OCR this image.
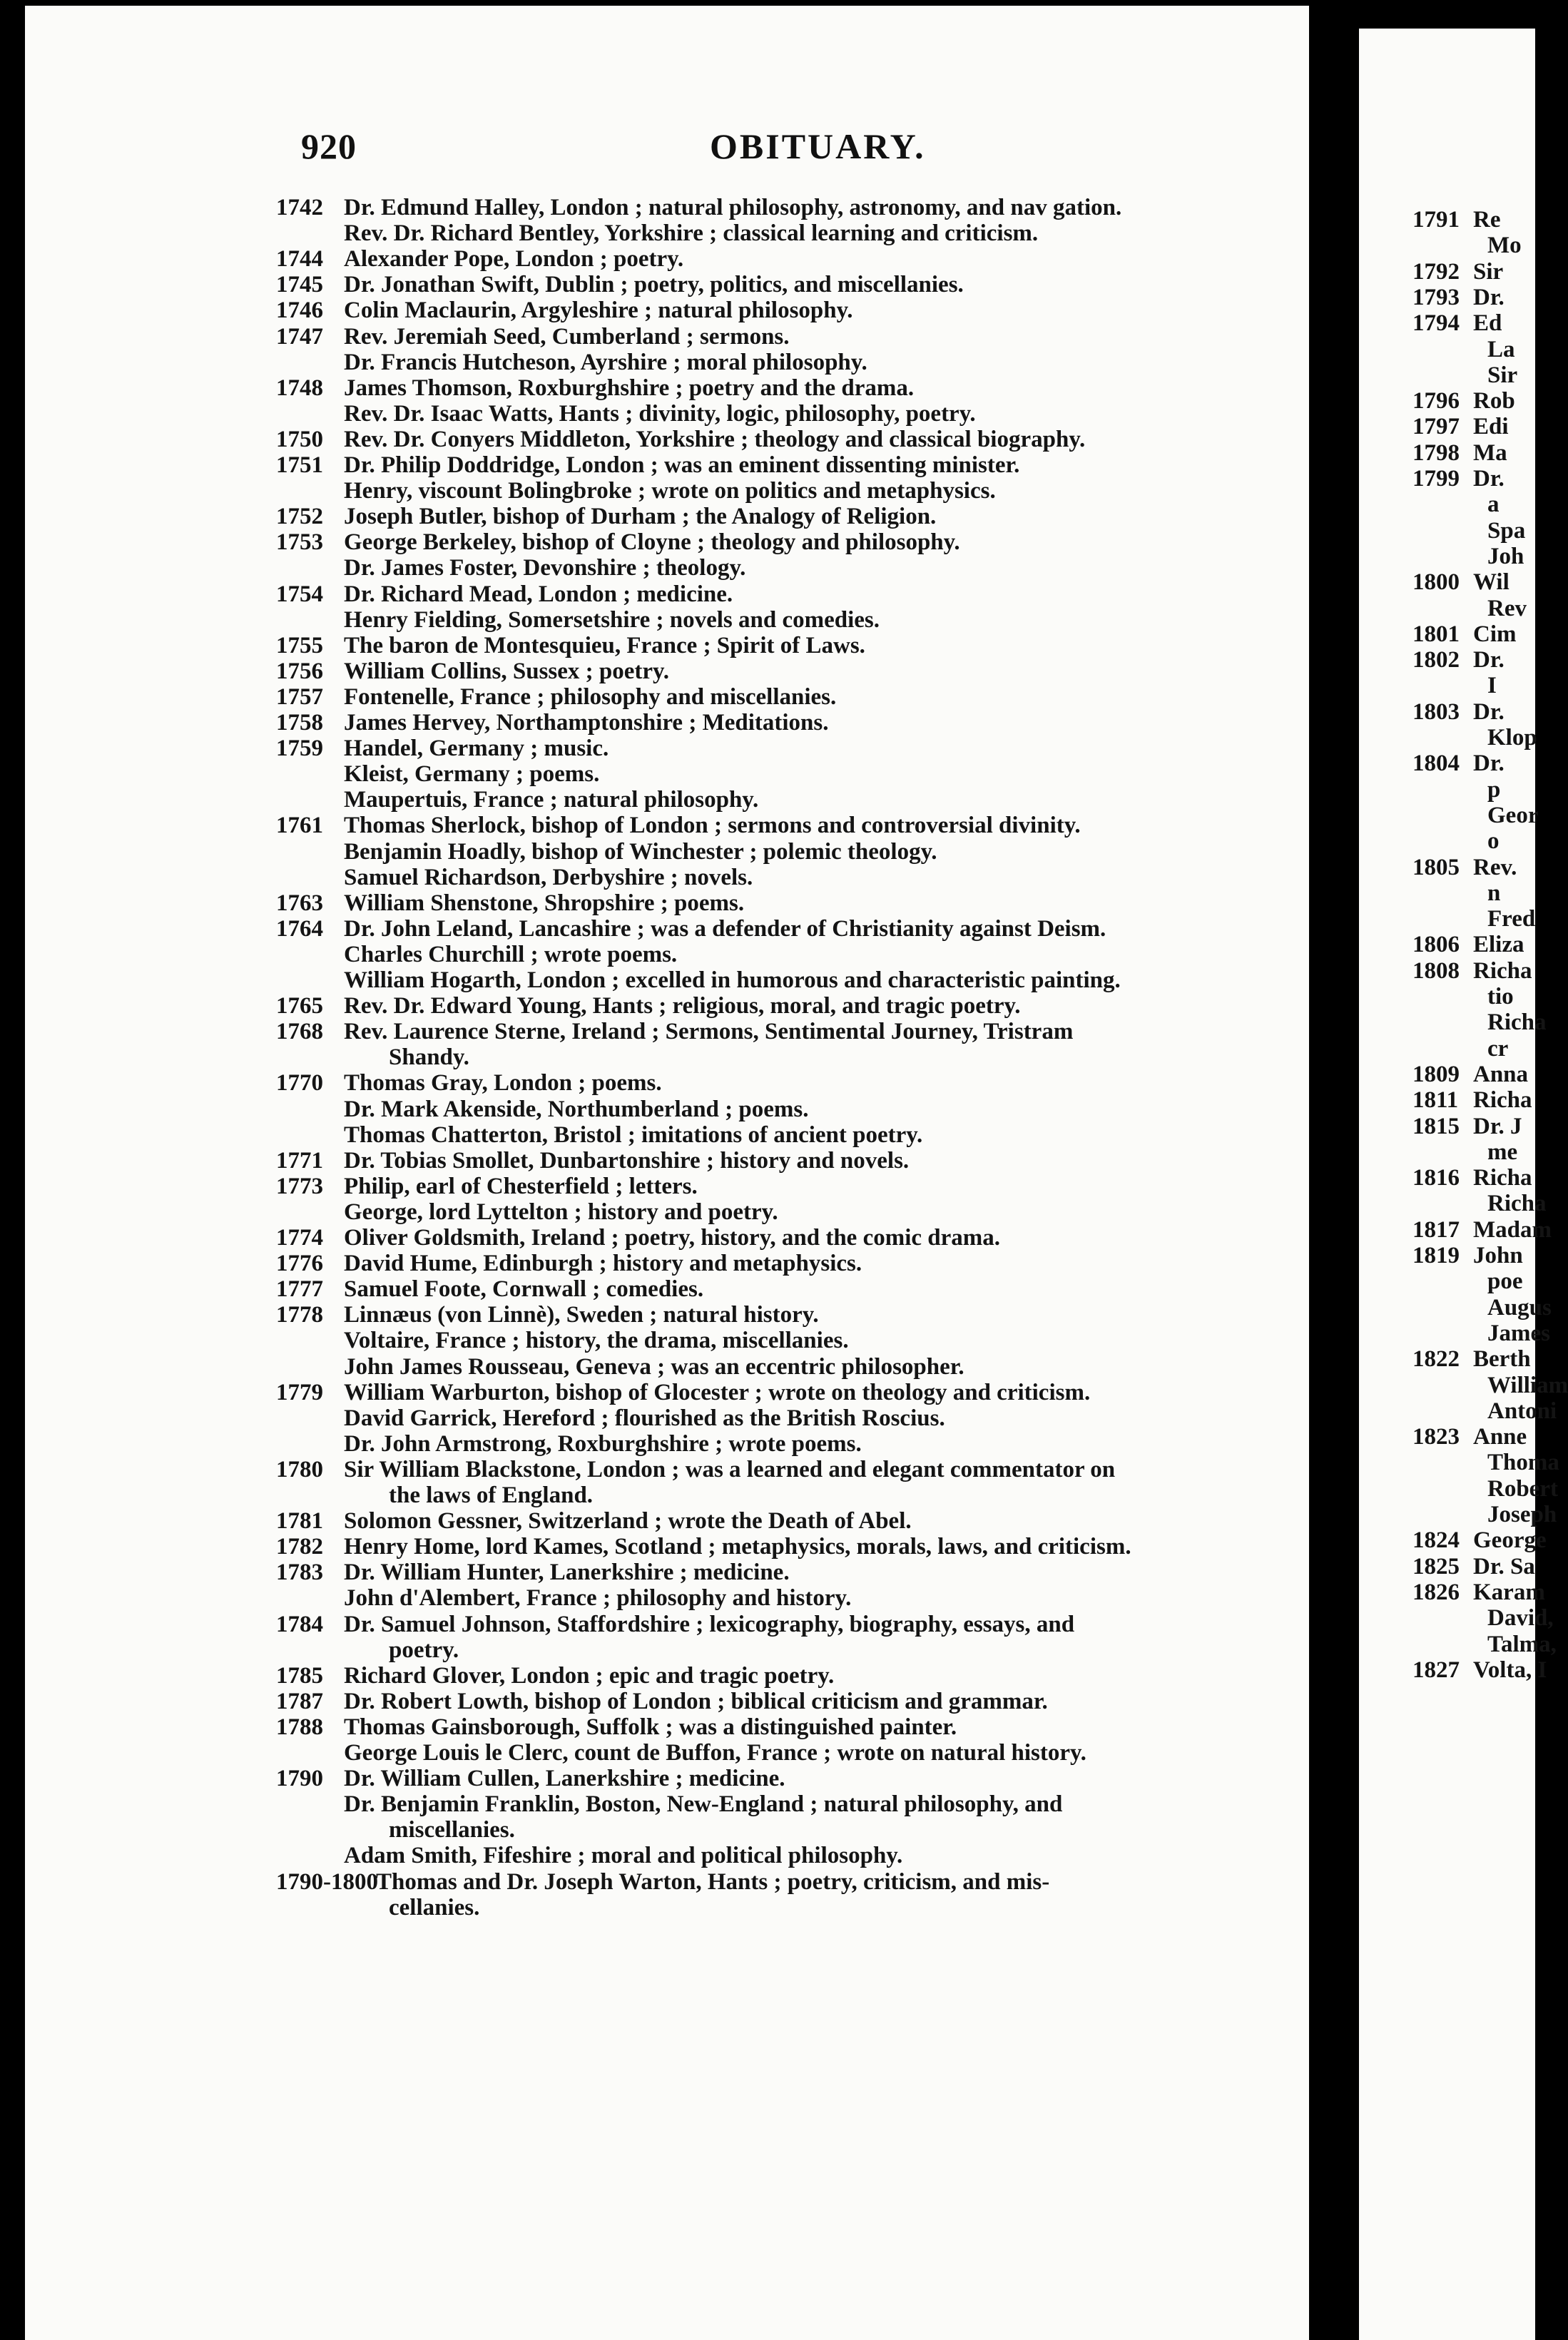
920	OBITUARY.
1742 Dr. Edmund Halley, London ; natural philosophy, astronomy, and nav gation.
Rev. Dr. Richard Bentley, Yorkshire ; classical learning and criticism.
1744 Alexander Pope, London ; poetry.
1745 Dr. Jonathan Swift, Dublin ; poetry, politics, and miscellanies.
1746 Colin Maclaurin, Argyleshire ; natural philosophy.
1747 Rev. Jeremiah Seed, Cumberland ; sermons.
Dr. Francis Hutcheson, Ayrshire ; moral philosophy.
1748 James Thomson, Roxburghshire ; poetry and the drama.
Rev. Dr. Isaac Watts, Hants ; divinity, logic, philosophy, poetry.
1750 Rev. Dr. Conyers Middleton, Yorkshire ; theology and classical biography.
1751 Dr. Philip Doddridge, London ; was an eminent dissenting minister.
Henry, viscount Bolingbroke ; wrote on politics and metaphysics.
1752 Joseph Butler, bishop of Durham ; the Analogy of Religion.
1753 George Berkeley, bishop of Cloyne ; theology and philosophy.
Dr. James Foster, Devonshire ; theology.
1754 Dr. Richard Mead, London ; medicine.
Henry Fielding, Somersetshire ; novels and comedies.
1755 The baron de Montesquieu, France ; Spirit of Laws.
1756 William Collins, Sussex ; poetry.
1757 Fontenelle, France ; philosophy and miscellanies.
1758 James Hervey, Northamptonshire ; Meditations.
1759 Handel, Germany ; music.
Kleist, Germany ; poems.
Maupertuis, France ; natural philosophy.
1761 Thomas Sherlock, bishop of London ; sermons and controversial divinity.
Benjamin Hoadly, bishop of Winchester ; polemic theology.
Samuel Richardson, Derbyshire ; novels.
1763 William Shenstone, Shropshire ; poems.
1764 Dr. John Leland, Lancashire ; was a defender of Christianity against Deism.
Charles Churchill ; wrote poems.
William Hogarth, London ; excelled in humorous and characteristic painting.
1765 Rev. Dr. Edward Young, Hants ; religious, moral, and tragic poetry.
1768 Rev. Laurence Sterne, Ireland ; Sermons, Sentimental Journey, Tristram
Shandy.
1770 Thomas Gray, London ; poems.
Dr. Mark Akenside, Northumberland ; poems.
Thomas Chatterton, Bristol ; imitations of ancient poetry.
1771 Dr. Tobias Smollet, Dunbartonshire ; history and novels.
1773 Philip, earl of Chesterfield ; letters.
George, lord Lyttelton ; history and poetry.
1774 Oliver Goldsmith, Ireland ; poetry, history, and the comic drama.
1776 David Hume, Edinburgh ; history and metaphysics.
1777 Samuel Foote, Cornwall ; comedies.
1778 Linnæus (von Linnè), Sweden ; natural history.
Voltaire, France ; history, the drama, miscellanies.
John James Rousseau, Geneva ; was an eccentric philosopher.
1779 William Warburton, bishop of Glocester ; wrote on theology and criticism.
David Garrick, Hereford ; flourished as the British Roscius.
Dr. John Armstrong, Roxburghshire ; wrote poems.
1780 Sir William Blackstone, London ; was a learned and elegant commentator on
the laws of England.
1781 Solomon Gessner, Switzerland ; wrote the Death of Abel.
1782 Henry Home, lord Kames, Scotland ; metaphysics, morals, laws, and criticism.
1783 Dr. William Hunter, Lanerkshire ; medicine.
John d'Alembert, France ; philosophy and history.
1784 Dr. Samuel Johnson, Staffordshire ; lexicography, biography, essays, and
poetry.
1785 Richard Glover, London ; epic and tragic poetry.
1787 Dr. Robert Lowth, bishop of London ; biblical criticism and grammar.
1788 Thomas Gainsborough, Suffolk ; was a distinguished painter.
George Louis le Clerc, count de Buffon, France ; wrote on natural history.
1790 Dr. William Cullen, Lanerkshire ; medicine.
Dr. Benjamin Franklin, Boston, New-England ; natural philosophy, and
miscellanies.
Adam Smith, Fifeshire ; moral and political philosophy.
1790-1800
Thomas and Dr. Joseph Warton, Hants ; poetry, criticism, and mis-
cellanies.
1791 Re
Mo
1792 Sir
1793 Dr.
1794 Ed
La
Sir
1796 Rob
1797 Edi
1798 Ma
1799 Dr.
a
Spa
Joh
1800 Wil
Rev
1801 Cim
1802 Dr.
I
1803 Dr.
Klop
1804 Dr.
p
Geor
o
1805 Rev.
n
Fred
1806 Eliza
1808 Richa
tio
Richa
cr
1809 Anna
1811 Richa
1815 Dr. J
me
1816 Richa
Richa
1817 Madam
1819 John
poe
Augus
James
1822 Berth
William
Antoni
1823 Anne
Thoma
Robert
Joseph
1824 George
1825 Dr. Sa
1826 Karam
David,
Talma,
1827 Volta, I
